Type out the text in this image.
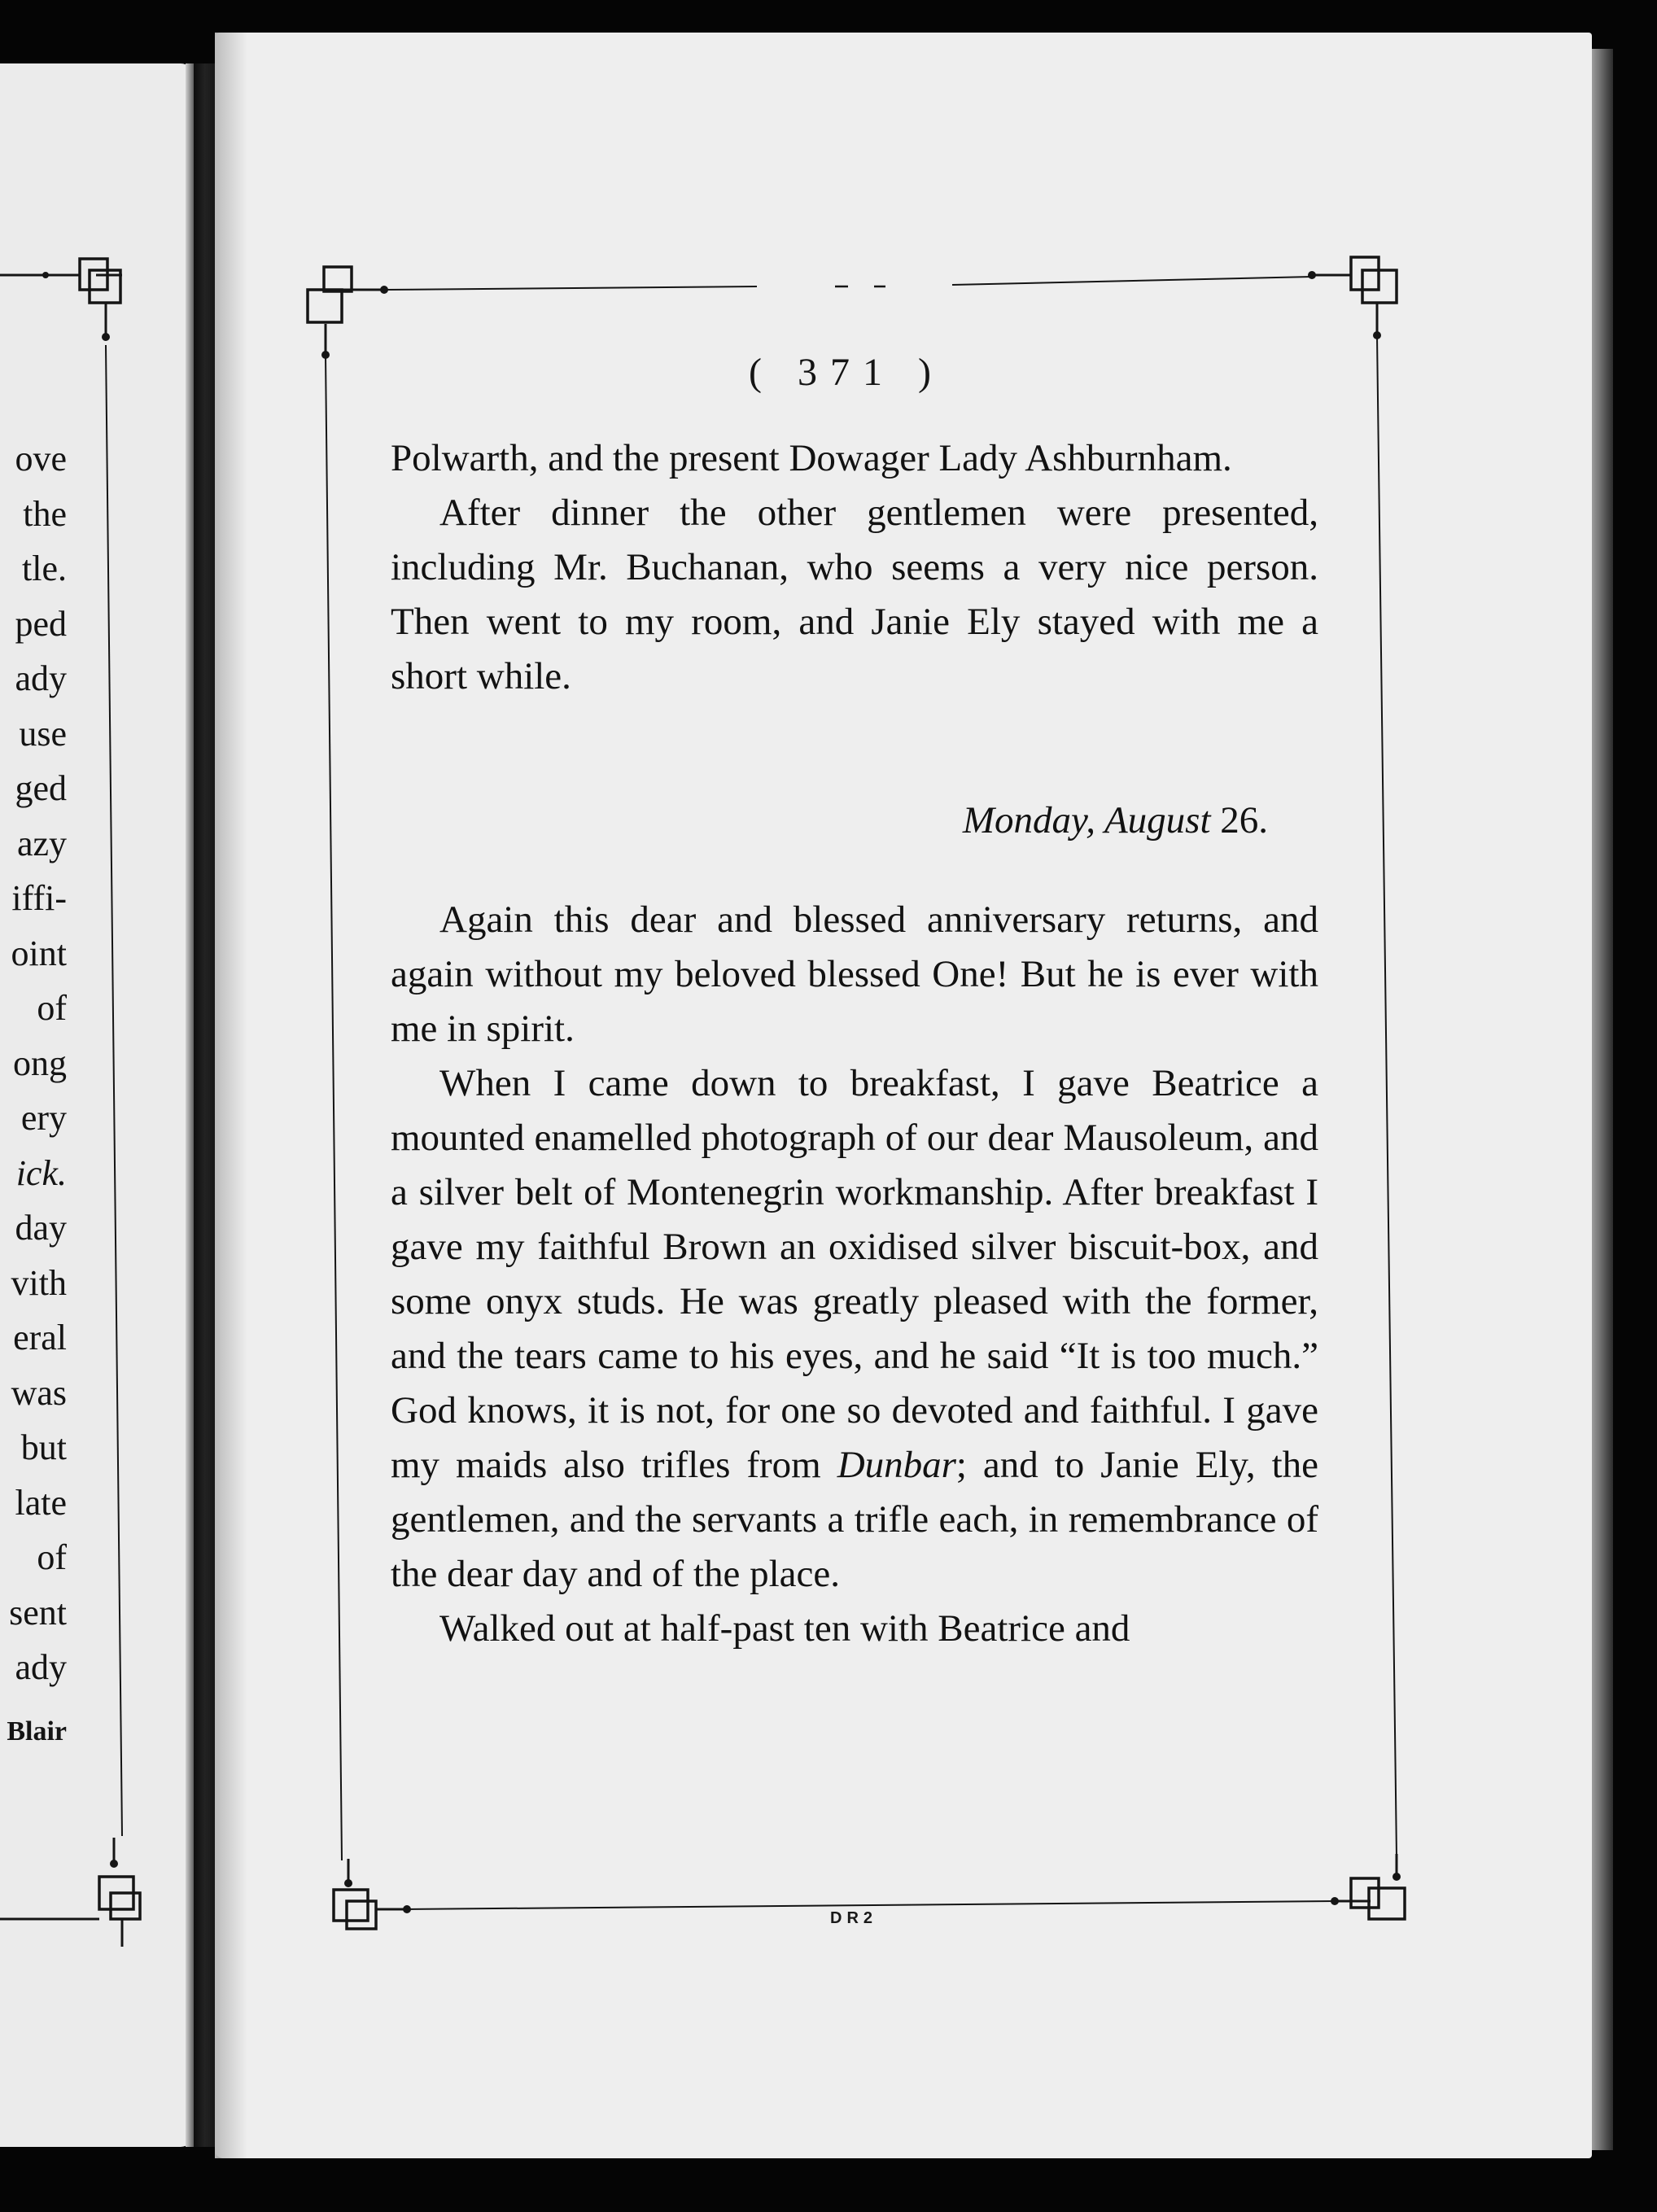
ove
the
tle.
ped
ady
use
ged
azy
iffi-
oint
of
ong
ery
ick.
day
vith
eral
was
but
late
of
sent
ady
Blair
( 371 )

Polwarth, and the present Dowager Lady Ashburnham.

After dinner the other gentlemen were presented, including Mr. Buchanan, who seems a very nice person. Then went to my room, and Janie Ely stayed with me a short while.

Monday, August 26.

Again this dear and blessed anniversary returns, and again without my beloved blessed One! But he is ever with me in spirit.

When I came down to breakfast, I gave Beatrice a mounted enamelled photograph of our dear Mausoleum, and a silver belt of Montenegrin workmanship. After breakfast I gave my faithful Brown an oxidised silver biscuit-box, and some onyx studs. He was greatly pleased with the former, and the tears came to his eyes, and he said “It is too much.” God knows, it is not, for one so devoted and faithful. I gave my maids also trifles from Dunbar; and to Janie Ely, the gentlemen, and the servants a trifle each, in remembrance of the dear day and of the place.

Walked out at half-past ten with Beatrice and

DR2
